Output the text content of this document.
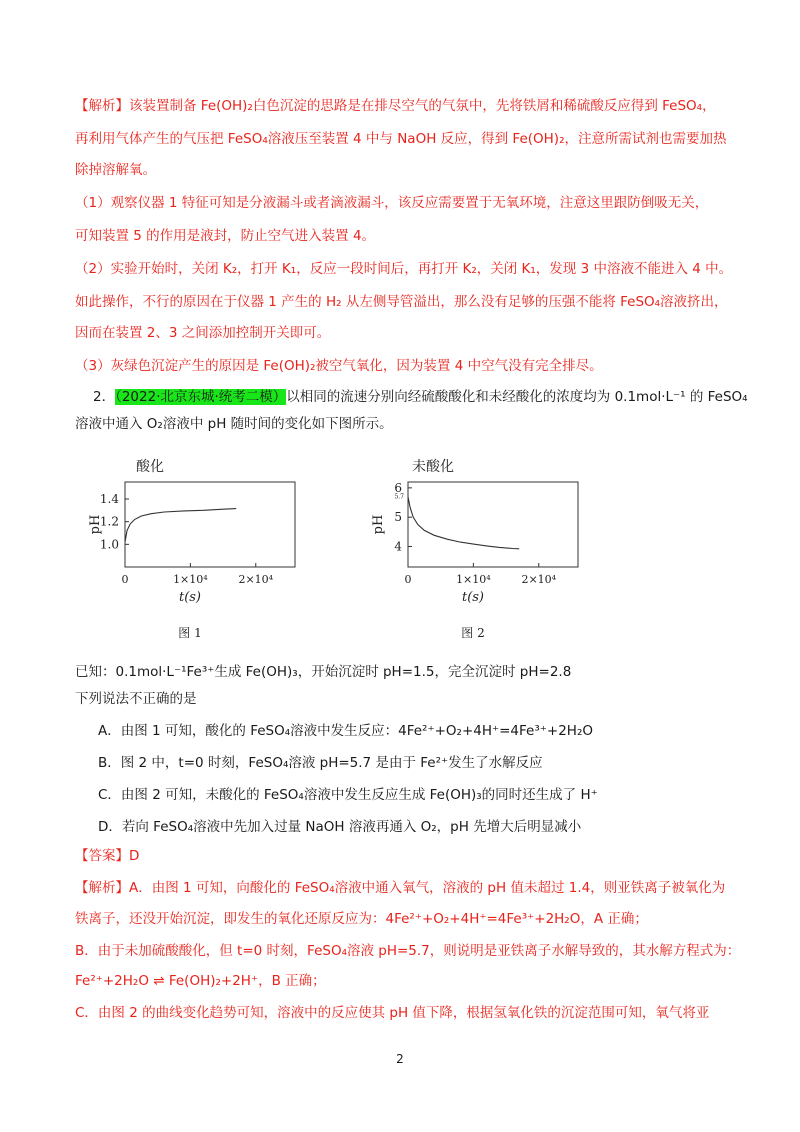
【解析】该装置制备 Fe(OH)₂白色沉淀的思路是在排尽空气的气氛中，先将铁屑和稀硫酸反应得到 FeSO₄，
再利用气体产生的气压把 FeSO₄溶液压至装置 4 中与 NaOH 反应，得到 Fe(OH)₂，注意所需试剂也需要加热
除掉溶解氧。
（1）观察仪器 1 特征可知是分液漏斗或者滴液漏斗，该反应需要置于无氧环境，注意这里跟防倒吸无关，
可知装置 5 的作用是液封，防止空气进入装置 4。
（2）实验开始时，关闭 K₂，打开 K₁，反应一段时间后，再打开 K₂，关闭 K₁，发现 3 中溶液不能进入 4 中。
如此操作，不行的原因在于仪器 1 产生的 H₂ 从左侧导管溢出，那么没有足够的压强不能将 FeSO₄溶液挤出，
因而在装置 2、3 之间添加控制开关即可。
（3）灰绿色沉淀产生的原因是 Fe(OH)₂被空气氧化，因为装置 4 中空气没有完全排尽。
2．（2022·北京东城·统考二模）以相同的流速分别向经硫酸酸化和未经酸化的浓度均为 0.1mol·L⁻¹ 的 FeSO₄
溶液中通入 O₂溶液中 pH 随时间的变化如下图所示。
酸化
1.0
1.2
1.4
0	1×10⁴	2×10⁴
pH
t(s)
图 1
未酸化
4
5
6
0	1×10⁴	2×10⁴
pH
t(s)
5.7
图 2
已知：0.1mol·L⁻¹Fe³⁺生成 Fe(OH)₃，开始沉淀时 pH=1.5，完全沉淀时 pH=2.8
下列说法不正确的是
A．由图 1 可知，酸化的 FeSO₄溶液中发生反应：4Fe²⁺+O₂+4H⁺=4Fe³⁺+2H₂O
B．图 2 中，t=0 时刻，FeSO₄溶液 pH=5.7 是由于 Fe²⁺发生了水解反应
C．由图 2 可知，未酸化的 FeSO₄溶液中发生反应生成 Fe(OH)₃的同时还生成了 H⁺
D．若向 FeSO₄溶液中先加入过量 NaOH 溶液再通入 O₂，pH 先增大后明显减小
【答案】D
【解析】A．由图 1 可知，向酸化的 FeSO₄溶液中通入氧气，溶液的 pH 值未超过 1.4，则亚铁离子被氧化为
铁离子，还没开始沉淀，即发生的氧化还原反应为：4Fe²⁺+O₂+4H⁺=4Fe³⁺+2H₂O，A 正确；
B．由于未加硫酸酸化，但 t=0 时刻，FeSO₄溶液 pH=5.7，则说明是亚铁离子水解导致的，其水解方程式为：
Fe²⁺+2H₂O ⇌ Fe(OH)₂+2H⁺，B 正确；
C．由图 2 的曲线变化趋势可知，溶液中的反应使其 pH 值下降，根据氢氧化铁的沉淀范围可知，氧气将亚
2
